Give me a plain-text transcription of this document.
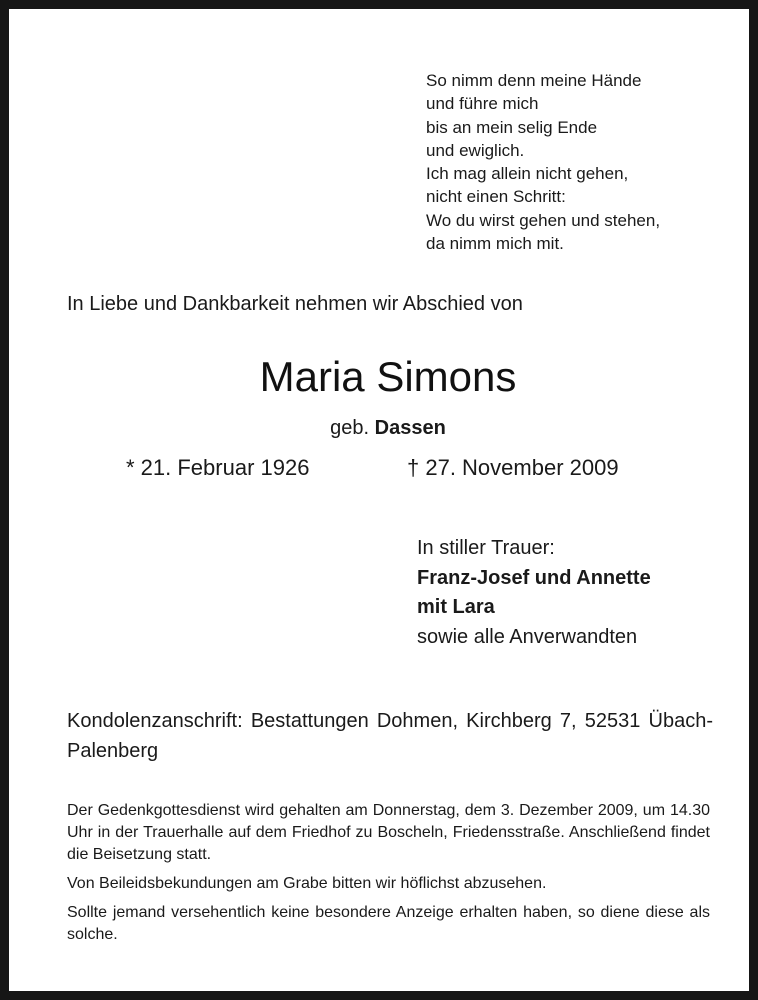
So nimm denn meine Hände
und führe mich
bis an mein selig Ende
und ewiglich.
Ich mag allein nicht gehen,
nicht einen Schritt:
Wo du wirst gehen und stehen,
da nimm mich mit.
In Liebe und Dankbarkeit nehmen wir Abschied von
Maria Simons
geb. Dassen
* 21. Februar 1926	† 27. November 2009
In stiller Trauer:
Franz-Josef und Annette
mit Lara
sowie alle Anverwandten
Kondolenzanschrift: Bestattungen Dohmen, Kirchberg 7, 52531 Übach-Palenberg

Der Gedenkgottesdienst wird gehalten am Donnerstag, dem 3. Dezember 2009, um 14.30 Uhr in der Trauerhalle auf dem Friedhof zu Boscheln, Friedensstraße. Anschließend findet die Beisetzung statt.

Von Beileidsbekundungen am Grabe bitten wir höflichst abzusehen.

Sollte jemand versehentlich keine besondere Anzeige erhalten haben, so diene diese als solche.
